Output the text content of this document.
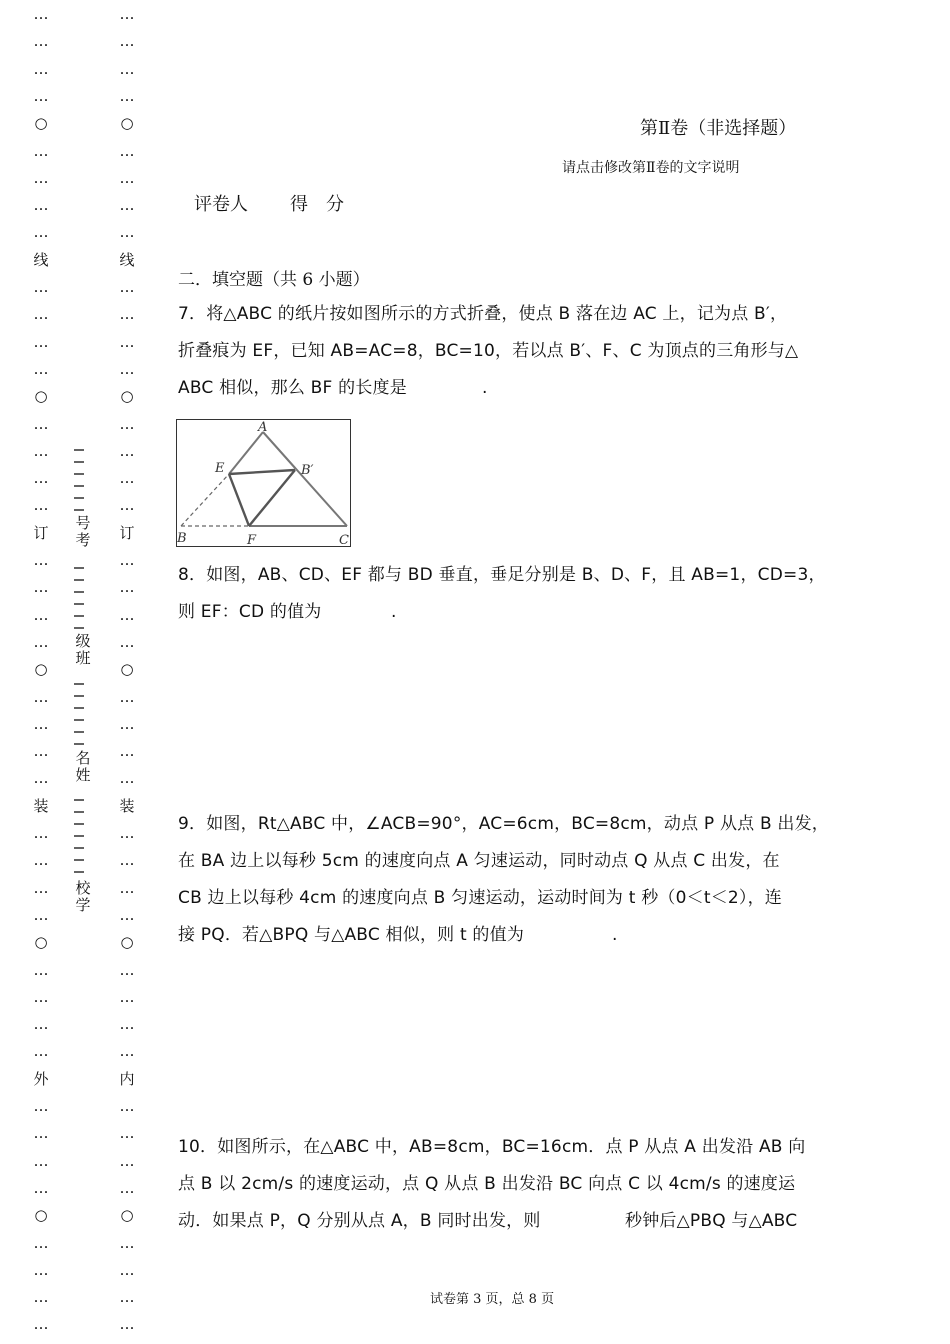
…
…
…
…
○
…
…
…
…
线
…
…
…
…
○
…
…
…
…
订
…
…
…
…
○
…
…
…
…
装
…
…
…
…
○
…
…
…
…
外
…
…
…
…
○
…
…
…
…
…
…
…
…
○
…
…
…
…
线
…
…
…
…
○
…
…
…
…
订
…
…
…
…
○
…
…
…
…
装
…
…
…
…
○
…
…
…
…
内
…
…
…
…
○
…
…
…
…
号
考
级
班
名
姓
校
学
第Ⅱ卷（非选择题）
请点击修改第Ⅱ卷的文字说明
评卷人 得　分
二．填空题（共 6 小题）
7．将△ABC 的纸片按如图所示的方式折叠，使点 B 落在边 AC 上，记为点 B′，
折叠痕为 EF，已知 AB=AC=8，BC=10，若以点 B′、F、C 为顶点的三角形与△
ABC 相似，那么 BF 的长度是	.
A
E	B′
B	F	C
8．如图，AB、CD、EF 都与 BD 垂直，垂足分别是 B、D、F，且 AB=1，CD=3，
则 EF：CD 的值为	.
9．如图，Rt△ABC 中，∠ACB=90°，AC=6cm，BC=8cm，动点 P 从点 B 出发，
在 BA 边上以每秒 5cm 的速度向点 A 匀速运动，同时动点 Q 从点 C 出发，在
CB 边上以每秒 4cm 的速度向点 B 匀速运动，运动时间为 t 秒（0＜t＜2），连
接 PQ．若△BPQ 与△ABC 相似，则 t 的值为	.
10．如图所示，在△ABC 中，AB=8cm，BC=16cm．点 P 从点 A 出发沿 AB 向
点 B 以 2cm/s 的速度运动，点 Q 从点 B 出发沿 BC 向点 C 以 4cm/s 的速度运
动．如果点 P，Q 分别从点 A，B 同时出发，则	秒钟后△PBQ 与△ABC
试卷第 3 页，总 8 页
